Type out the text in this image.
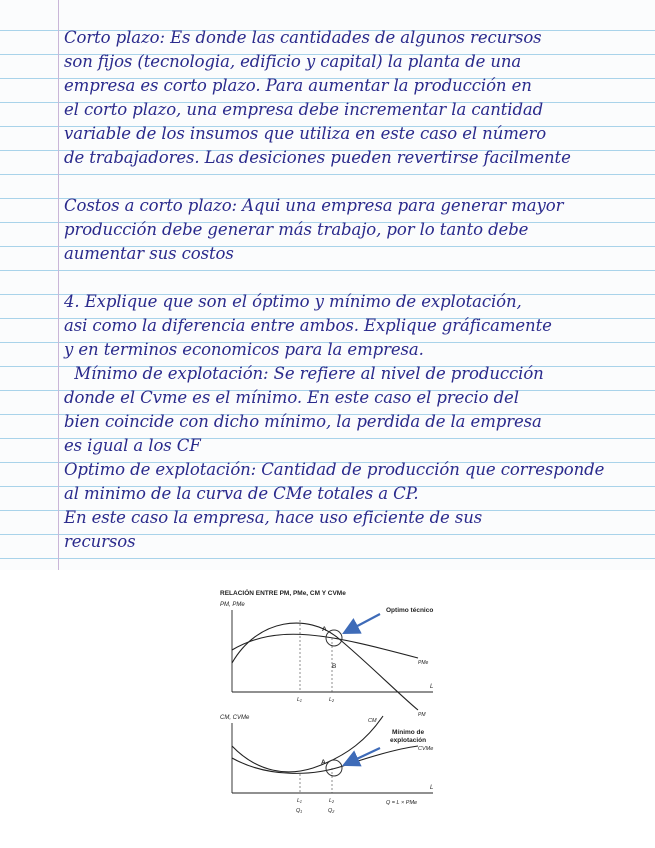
Corto plazo: Es donde las cantidades de algunos recursos
son fijos (tecnologia, edificio y capital) la planta de una
empresa es corto plazo. Para aumentar la producción en
el corto plazo, una empresa debe incrementar la cantidad
variable de los insumos que utiliza en este caso el número
de trabajadores. Las desiciones pueden revertirse facilmente
Costos a corto plazo: Aqui una empresa para generar mayor
producción debe generar más trabajo, por lo tanto debe
aumentar sus costos
4. Explique que son el óptimo y mínimo de explotación,
asi como la diferencia entre ambos. Explique gráficamente
y en terminos economicos para la empresa.
Mínimo de explotación: Se refiere al nivel de producción
donde el Cvme es el mínimo. En este caso el precio del
bien coincide con dicho mínimo, la perdida de la empresa
es igual a los CF
Optimo de explotación: Cantidad de producción que corresponde
al minimo de la curva de CMe totales a CP.
En este caso la empresa, hace uso eficiente de sus
recursos
RELACIÓN ENTRE PM, PMe, CM Y CVMe
PM, PMe
L
PMe
PM
L₁	L₂
A
B
Optimo técnico
CM, CVMe
L
Q = L × PMe
CM
CVMe
L₁	L₂
Q₁	Q₂
A
Mínimo de
explotación
